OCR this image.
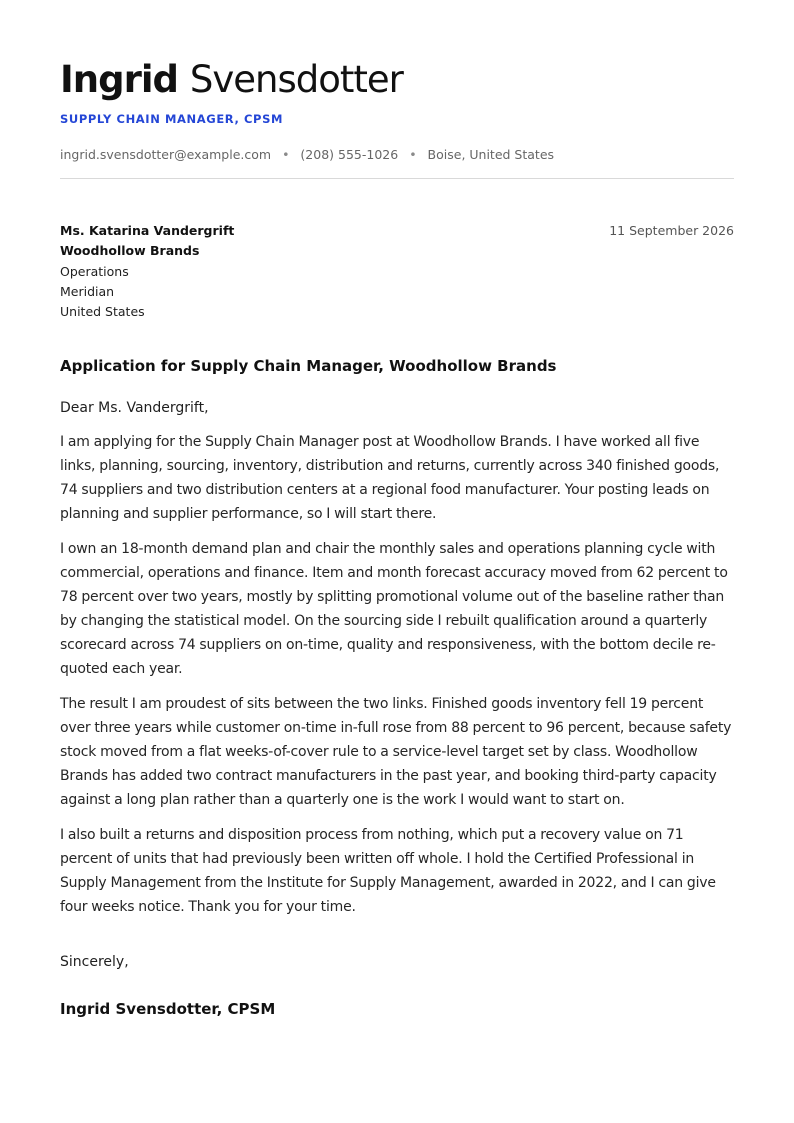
Ingrid Svensdotter
SUPPLY CHAIN MANAGER, CPSM
ingrid.svensdotter@example.com • (208) 555-1026 • Boise, United States
Ms. Katarina Vandergrift
Woodhollow Brands
Operations
Meridian
United States
11 September 2026
Application for Supply Chain Manager, Woodhollow Brands
Dear Ms. Vandergrift,

I am applying for the Supply Chain Manager post at Woodhollow Brands. I have worked all five links, planning, sourcing, inventory, distribution and returns, currently across 340 finished goods, 74 suppliers and two distribution centers at a regional food manufacturer. Your posting leads on planning and supplier performance, so I will start there.

I own an 18-month demand plan and chair the monthly sales and operations planning cycle with commercial, operations and finance. Item and month forecast accuracy moved from 62 percent to 78 percent over two years, mostly by splitting promotional volume out of the baseline rather than by changing the statistical model. On the sourcing side I rebuilt qualification around a quarterly scorecard across 74 suppliers on on-time, quality and responsiveness, with the bottom decile re-quoted each year.

The result I am proudest of sits between the two links. Finished goods inventory fell 19 percent over three years while customer on-time in-full rose from 88 percent to 96 percent, because safety stock moved from a flat weeks-of-cover rule to a service-level target set by class. Woodhollow Brands has added two contract manufacturers in the past year, and booking third-party capacity against a long plan rather than a quarterly one is the work I would want to start on.

I also built a returns and disposition process from nothing, which put a recovery value on 71 percent of units that had previously been written off whole. I hold the Certified Professional in Supply Management from the Institute for Supply Management, awarded in 2022, and I can give four weeks notice. Thank you for your time.

Sincerely,
Ingrid Svensdotter, CPSM
